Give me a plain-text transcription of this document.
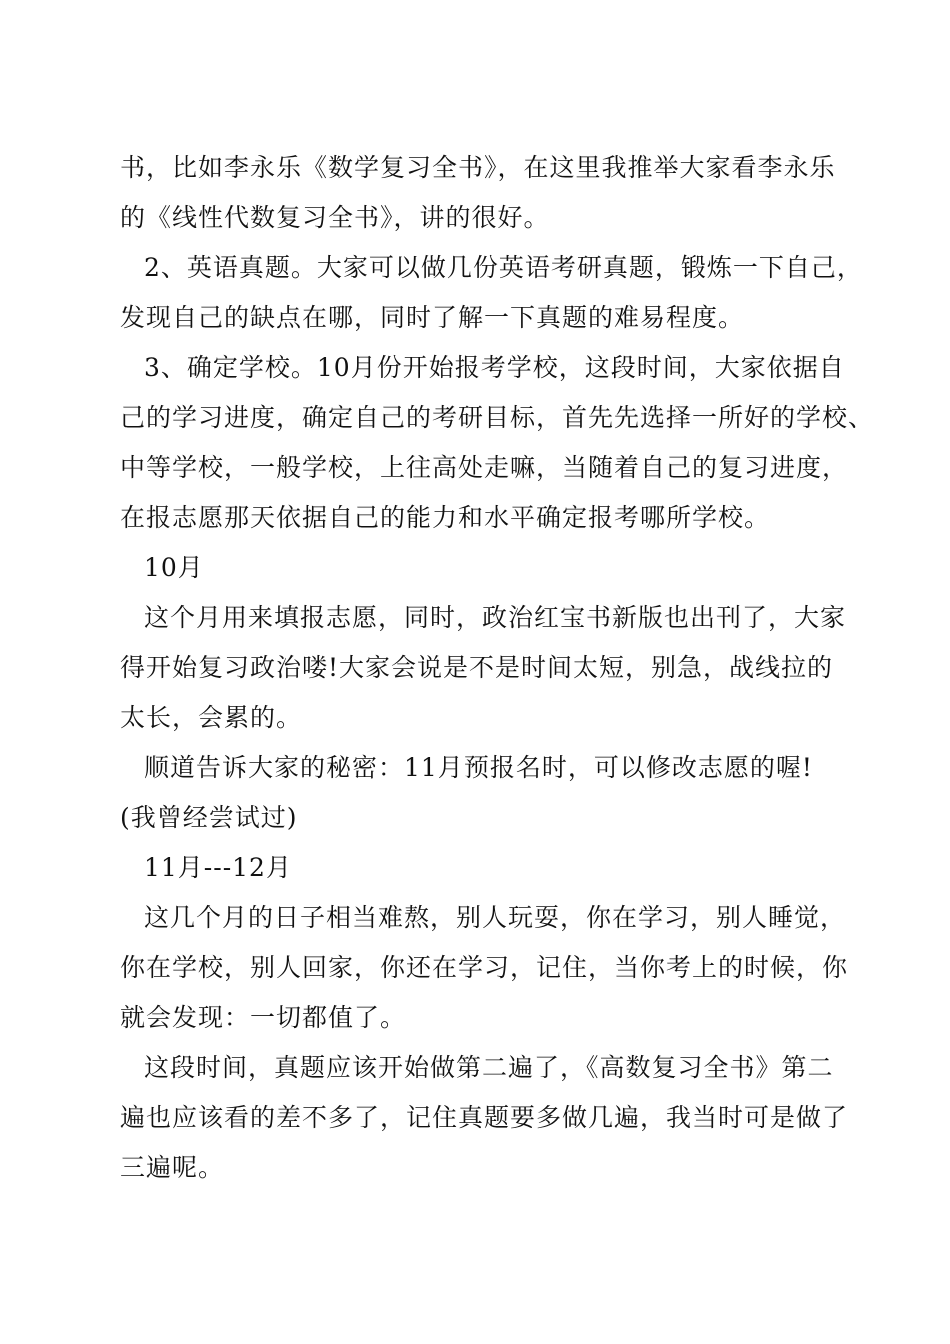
书，比如李永乐《数学复习全书》，在这里我推举大家看李永乐
的《线性代数复习全书》，讲的很好。
2、英语真题。大家可以做几份英语考研真题，锻炼一下自己，
发现自己的缺点在哪，同时了解一下真题的难易程度。
3、确定学校。10月份开始报考学校，这段时间，大家依据自
己的学习进度，确定自己的考研目标，首先先选择一所好的学校、
中等学校，一般学校，上往高处走嘛，当随着自己的复习进度，
在报志愿那天依据自己的能力和水平确定报考哪所学校。
10月
这个月用来填报志愿，同时，政治红宝书新版也出刊了，大家
得开始复习政治喽!大家会说是不是时间太短，别急，战线拉的
太长，会累的。
顺道告诉大家的秘密：11月预报名时，可以修改志愿的喔!
(我曾经尝试过)
11月---12月
这几个月的日子相当难熬，别人玩耍，你在学习，别人睡觉，
你在学校，别人回家，你还在学习，记住，当你考上的时候，你
就会发现：一切都值了。
这段时间，真题应该开始做第二遍了，《高数复习全书》第二
遍也应该看的差不多了，记住真题要多做几遍，我当时可是做了
三遍呢。
